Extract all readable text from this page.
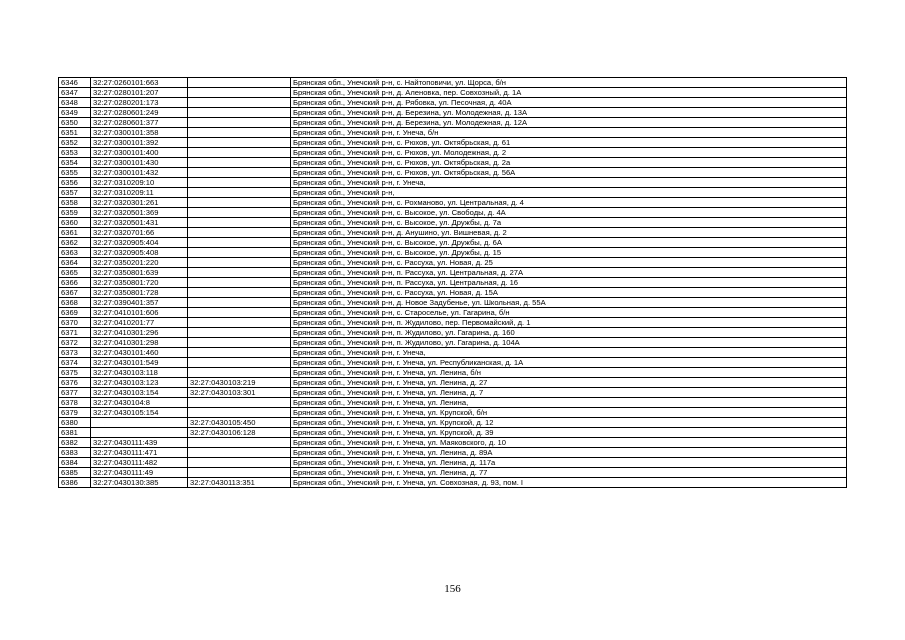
6346	32:27:0260101:663		Брянская обл., Унечский р-н, с. Найтоповичи, ул. Щорса, б/н
6347	32:27:0280101:207		Брянская обл., Унечский р-н, д. Аленовка, пер. Совхозный, д. 1А
6348	32:27:0280201:173		Брянская обл., Унечский р-н, д. Рябовка, ул. Песочная, д. 40А
6349	32:27:0280601:249		Брянская обл., Унечский р-н, д. Березина, ул. Молодежная, д. 13А
6350	32:27:0280601:377		Брянская обл., Унечский р-н, д. Березина, ул. Молодежная, д. 12А
6351	32:27:0300101:358		Брянская обл., Унечский р-н, г. Унеча, б/н
6352	32:27:0300101:392		Брянская обл., Унечский р-н, с. Рюхов, ул. Октябрьская, д. 61
6353	32:27:0300101:400		Брянская обл., Унечский р-н, с. Рюхов, ул. Молодежная, д. 2
6354	32:27:0300101:430		Брянская обл., Унечский р-н, с. Рюхов, ул. Октябрьская, д. 2а
6355	32:27:0300101:432		Брянская обл., Унечский р-н, с. Рюхов, ул. Октябрьская, д. 56А
6356	32:27:0310209:10		Брянская обл., Унечский р-н, г. Унеча,
6357	32:27:0310209:11		Брянская обл., Унечский р-н,
6358	32:27:0320301:261		Брянская обл., Унечский р-н, с. Рохманово, ул. Центральная, д. 4
6359	32:27:0320501:369		Брянская обл., Унечский р-н, с. Высокое, ул. Свободы, д. 4А
6360	32:27:0320501:431		Брянская обл., Унечский р-н, с. Высокое, ул. Дружбы, д. 7а
6361	32:27:0320701:66		Брянская обл., Унечский р-н, д. Анушино, ул. Вишневая, д. 2
6362	32:27:0320905:404		Брянская обл., Унечский р-н, с. Высокое, ул. Дружбы, д. 6А
6363	32:27:0320905:408		Брянская обл., Унечский р-н, с. Высокое, ул. Дружбы, д. 15
6364	32:27:0350201:220		Брянская обл., Унечский р-н, с. Рассуха, ул. Новая, д. 25
6365	32:27:0350801:639		Брянская обл., Унечский р-н, п. Рассуха, ул. Центральная, д. 27А
6366	32:27:0350801:720		Брянская обл., Унечский р-н, п. Рассуха, ул. Центральная, д. 16
6367	32:27:0350801:728		Брянская обл., Унечский р-н, с. Рассуха, ул. Новая, д. 15А
6368	32:27:0390401:357		Брянская обл., Унечский р-н, д. Новое Задубенье, ул. Школьная, д. 55А
6369	32:27:0410101:606		Брянская обл., Унечский р-н, с. Старосельe, ул. Гагарина, б/н
6370	32:27:0410201:77		Брянская обл., Унечский р-н, п. Жудилово, пер. Первомайский, д. 1
6371	32:27:0410301:296		Брянская обл., Унечский р-н, п. Жудилово, ул. Гагарина, д. 160
6372	32:27:0410301:298		Брянская обл., Унечский р-н, п. Жудилово, ул. Гагарина, д. 104А
6373	32:27:0430101:460		Брянская обл., Унечский р-н, г. Унеча,
6374	32:27:0430101:549		Брянская обл., Унечский р-н, г. Унеча, ул. Республиканская, д. 1А
6375	32:27:0430103:118		Брянская обл., Унечский р-н, г. Унеча, ул. Ленина, б/н
6376	32:27:0430103:123	32:27:0430103:219	Брянская обл., Унечский р-н, г. Унеча, ул. Ленина, д. 27
6377	32:27:0430103:154	32:27:0430103:301	Брянская обл., Унечский р-н, г. Унеча, ул. Ленина, д. 7
6378	32:27:0430104:8		Брянская обл., Унечский р-н, г. Унеча, ул. Ленина,
6379	32:27:0430105:154		Брянская обл., Унечский р-н, г. Унеча, ул. Крупской, б/н
6380		32:27:0430105:450	Брянская обл., Унечский р-н, г. Унеча, ул. Крупской, д. 12
6381		32:27:0430106:128	Брянская обл., Унечский р-н, г. Унеча, ул. Крупской, д. 39
6382	32:27:0430111:439		Брянская обл., Унечский р-н, г. Унеча, ул. Маяковского, д. 10
6383	32:27:0430111:471		Брянская обл., Унечский р-н, г. Унеча, ул. Ленина, д. 89А
6384	32:27:0430111:482		Брянская обл., Унечский р-н, г. Унеча, ул. Ленина, д. 117а
6385	32:27:0430111:49		Брянская обл., Унечский р-н, г. Унеча, ул. Ленина, д. 77
6386	32:27:0430130:385	32:27:0430113:351	Брянская обл., Унечский р-н, г. Унеча, ул. Совхозная, д. 93, пом. I
156
